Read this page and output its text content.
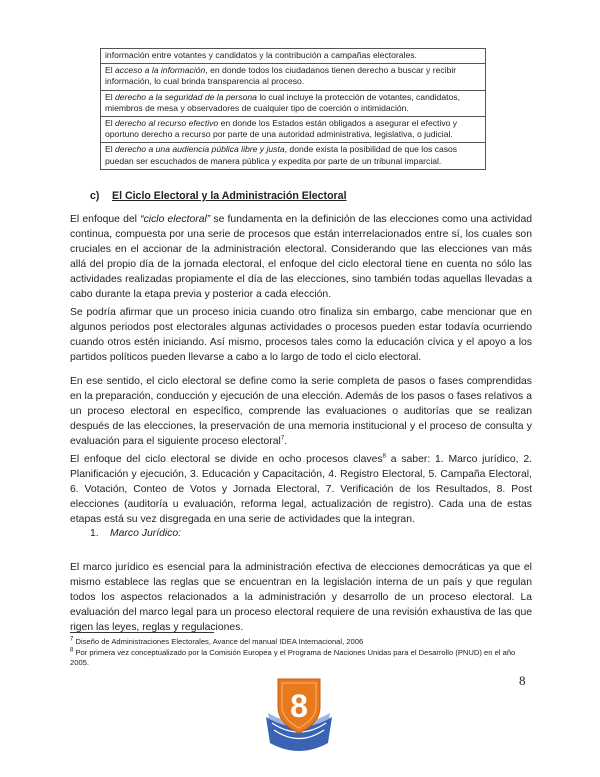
información entre votantes y candidatos y la contribución a campañas electorales.
El acceso a la información, en donde todos los ciudadanos tienen derecho a buscar y recibir información, lo cual brinda transparencia al proceso.
El derecho a la seguridad de la persona lo cual incluye la protección de votantes, candidatos, miembros de mesa y observadores de cualquier tipo de coerción o intimidación.
El derecho al recurso efectivo en donde los Estados están obligados a asegurar el efectivo y oportuno derecho a recurso por parte de una autoridad administrativa, legislativa, o judicial.
El derecho a una audiencia pública libre y justa, donde exista la posibilidad de que los casos puedan ser escuchados de manera pública y expedita por parte de un tribunal imparcial.
c) El Ciclo Electoral y la Administración Electoral

El enfoque del “ciclo electoral” se fundamenta en la definición de las elecciones como una actividad continua, compuesta por una serie de procesos que están interrelacionados entre sí, los cuales son cruciales en el accionar de la administración electoral. Considerando que las elecciones van más allá del propio día de la jornada electoral, el enfoque del ciclo electoral tiene en cuenta no sólo las actividades realizadas propiamente el día de las elecciones, sino también todas aquellas llevadas a cabo durante la etapa previa y posterior a cada elección.

Se podría afirmar que un proceso inicia cuando otro finaliza sin embargo, cabe mencionar que en algunos periodos post electorales algunas actividades o procesos pueden estar todavía ocurriendo cuando otros estén iniciando. Así mismo, procesos tales como la educación cívica y el apoyo a los partidos políticos pueden llevarse a cabo a lo largo de todo el ciclo electoral.

En ese sentido, el ciclo electoral se define como la serie completa de pasos o fases comprendidas en la preparación, conducción y ejecución de una elección. Además de los pasos o fases relativos a un proceso electoral en específico, comprende las evaluaciones o auditorías que se realizan después de las elecciones, la preservación de una memoria institucional y el proceso de consulta y evaluación para el siguiente proceso electoral$^7$.

El enfoque del ciclo electoral se divide en ocho procesos claves$^8$ a saber: 1. Marco jurídico, 2. Planificación y ejecución, 3. Educación y Capacitación, 4. Registro Electoral, 5. Campaña Electoral, 6. Votación, Conteo de Votos y Jornada Electoral, 7. Verificación de los Resultados, 8. Post elecciones (auditoría u evaluación, reforma legal, actualización de registro). Cada una de estas etapas está su vez disgregada en una serie de actividades que la integran.

1. Marco Jurídico:

El marco jurídico es esencial para la administración efectiva de elecciones democráticas ya que el mismo establece las reglas que se encuentran en la legislación interna de un país y que regulan todos los aspectos relacionados a la administración y desarrollo de un proceso electoral. La evaluación del marco legal para un proceso electoral requiere de una revisión exhaustiva de las que rigen las leyes, reglas y regulaciones.

$^7$ Diseño de Administraciones Electorales, Avance del manual IDEA Internacional, 2006

$^8$ Por primera vez conceptualizado por la Comisión Europea y el Programa de Naciones Unidas para el Desarrollo (PNUD) en el año 2005.

8
8
